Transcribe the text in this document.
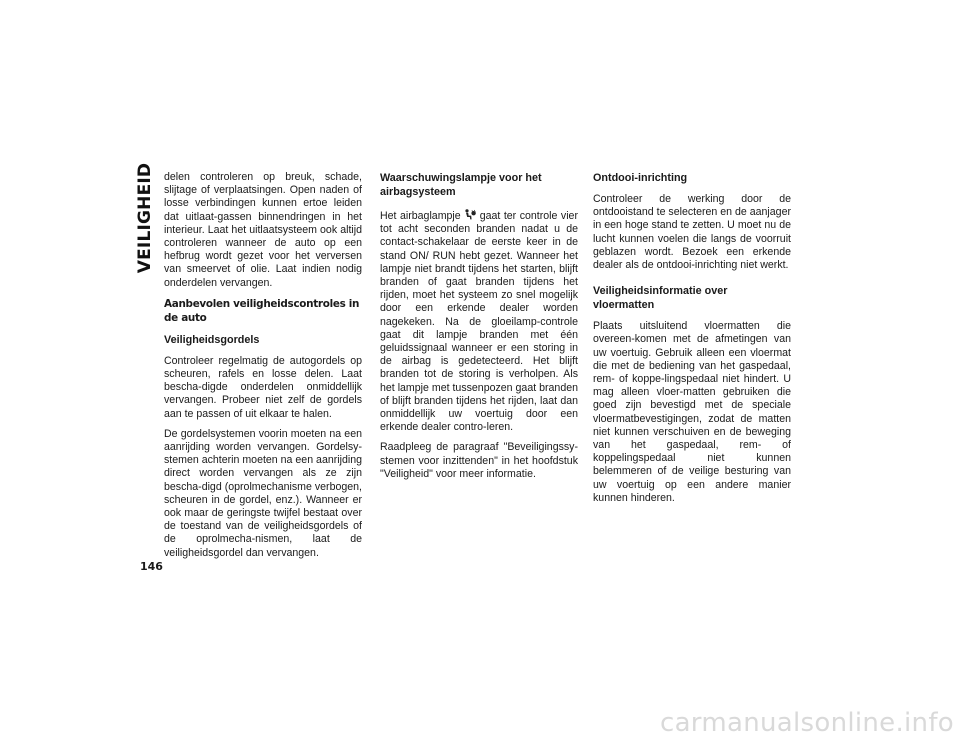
VEILIGHEID delen controleren op breuk, schade, slijtage of verplaatsingen. Open naden of losse verbindingen kunnen ertoe leiden dat uitlaat-gassen binnendringen in het interieur. Laat het uitlaatsysteem ook altijd controleren wanneer de auto op een hefbrug wordt gezet voor het verversen van smeervet of olie. Laat indien nodig onderdelen vervangen.

Aanbevolen veiligheidscontroles in de auto
Veiligheidsgordels

Controleer regelmatig de autogordels op scheuren, rafels en losse delen. Laat bescha-digde onderdelen onmiddellijk vervangen. Probeer niet zelf de gordels aan te passen of uit elkaar te halen.

De gordelsystemen voorin moeten na een aanrijding worden vervangen. Gordelsy-stemen achterin moeten na een aanrijding direct worden vervangen als ze zijn bescha-digd (oprolmechanisme verbogen, scheuren in de gordel, enz.). Wanneer er ook maar de geringste twijfel bestaat over de toestand van de veiligheidsgordels of de oprolmecha-nismen, laat de veiligheidsgordel dan vervangen.

Waarschuwingslampje voor het airbagsysteem

Het airbaglampje gaat ter controle vier tot acht seconden branden nadat u de contact-schakelaar de eerste keer in de stand ON/ RUN hebt gezet. Wanneer het lampje niet brandt tijdens het starten, blijft branden of gaat branden tijdens het rijden, moet het systeem zo snel mogelijk door een erkende dealer worden nagekeken. Na de gloeilamp-controle gaat dit lampje branden met één geluidssignaal wanneer er een storing in de airbag is gedetecteerd. Het blijft branden tot de storing is verholpen. Als het lampje met tussenpozen gaat branden of blijft branden tijdens het rijden, laat dan onmiddellijk uw voertuig door een erkende dealer contro-leren.

Raadpleeg de paragraaf "Beveiligingssy-stemen voor inzittenden" in het hoofdstuk "Veiligheid" voor meer informatie.

Ontdooi-inrichting

Controleer de werking door de ontdooistand te selecteren en de aanjager in een hoge stand te zetten. U moet nu de lucht kunnen voelen die langs de voorruit geblazen wordt. Bezoek een erkende dealer als de ontdooi-inrichting niet werkt.

Veiligheidsinformatie over vloermatten

Plaats uitsluitend vloermatten die overeen-komen met de afmetingen van uw voertuig. Gebruik alleen een vloermat die met de bediening van het gaspedaal, rem- of koppe-lingspedaal niet hindert. U mag alleen vloer-matten gebruiken die goed zijn bevestigd met de speciale vloermatbevestigingen, zodat de matten niet kunnen verschuiven en de beweging van het gaspedaal, rem- of koppelingspedaal niet kunnen belemmeren of de veilige besturing van uw voertuig op een andere manier kunnen hinderen.

146
carmanualsonline.info
